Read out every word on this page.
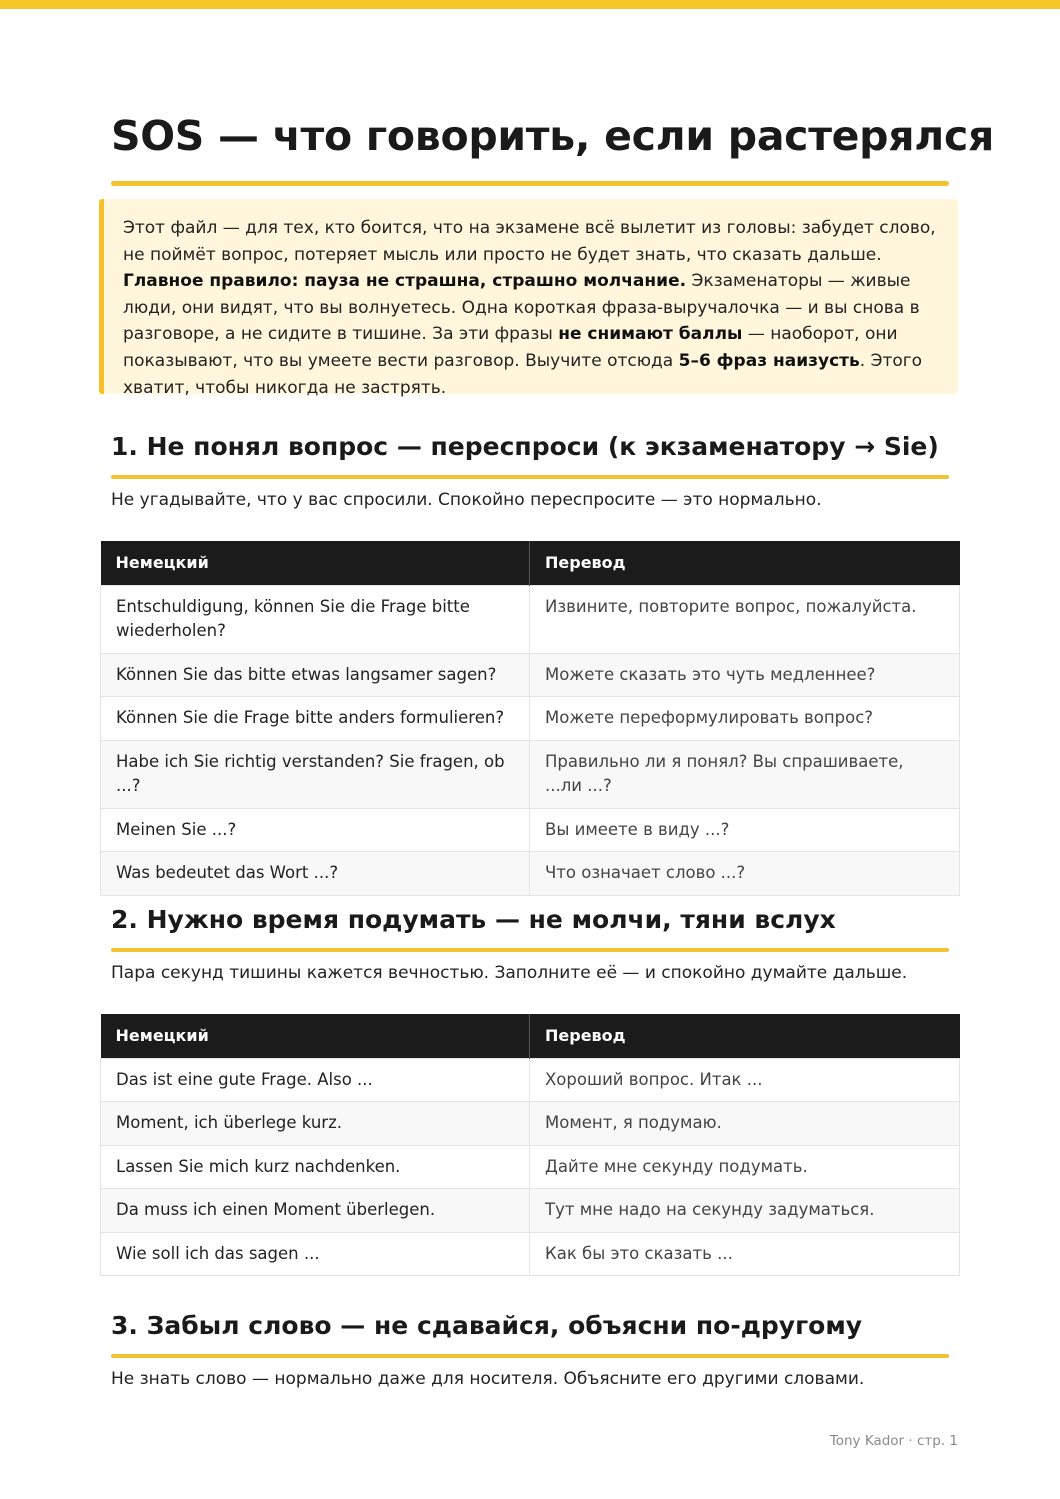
SOS — что говорить, если растерялся

Этот файл — для тех, кто боится, что на экзамене всё вылетит из головы: забудет слово, не поймёт вопрос, потеряет мысль или просто не будет знать, что сказать дальше. Главное правило: пауза не страшна, страшно молчание. Экзаменаторы — живые люди, они видят, что вы волнуетесь. Одна короткая фраза-выручалочка — и вы снова в разговоре, а не сидите в тишине. За эти фразы не снимают баллы — наоборот, они показывают, что вы умеете вести разговор. Выучите отсюда 5–6 фраз наизусть. Этого хватит, чтобы никогда не застрять.

1. Не понял вопрос — переспроси (к экзаменатору → Sie)

Не угадывайте, что у вас спросили. Спокойно переспросите — это нормально.

Немецкий	Перевод
Entschuldigung, können Sie die Frage bitte wiederholen?	Извините, повторите вопрос, пожалуйста.
Können Sie das bitte etwas langsamer sagen?	Можете сказать это чуть медленнее?
Können Sie die Frage bitte anders formulieren?	Можете переформулировать вопрос?
Habe ich Sie richtig verstanden? Sie fragen, ob ...?	Правильно ли я понял? Вы спрашиваете, ...ли ...?
Meinen Sie ...?	Вы имеете в виду ...?
Was bedeutet das Wort ...?	Что означает слово ...?
2. Нужно время подумать — не молчи, тяни вслух

Пара секунд тишины кажется вечностью. Заполните её — и спокойно думайте дальше.

Немецкий	Перевод
Das ist eine gute Frage. Also ...	Хороший вопрос. Итак ...
Moment, ich überlege kurz.	Момент, я подумаю.
Lassen Sie mich kurz nachdenken.	Дайте мне секунду подумать.
Da muss ich einen Moment überlegen.	Тут мне надо на секунду задуматься.
Wie soll ich das sagen ...	Как бы это сказать ...
3. Забыл слово — не сдавайся, объясни по-другому

Не знать слово — нормально даже для носителя. Объясните его другими словами.

Tony Kador · стр. 1
